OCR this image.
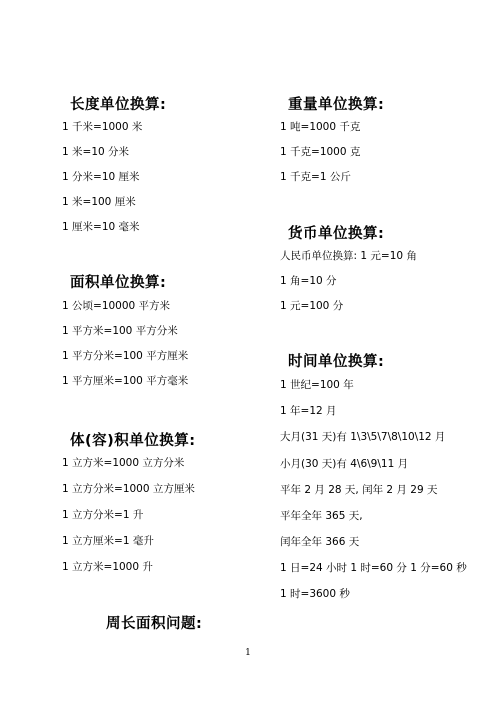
长度单位换算:
1 千米=1000 米
1 米=10 分米
1 分米=10 厘米
1 米=100 厘米
1 厘米=10 毫米
面积单位换算:
1 公顷=10000 平方米
1 平方米=100 平方分米
1 平方分米=100 平方厘米
1 平方厘米=100 平方毫米
体(容)积单位换算:
1 立方米=1000 立方分米
1 立方分米=1000 立方厘米
1 立方分米=1 升
1 立方厘米=1 毫升
1 立方米=1000 升
周长面积问题:
重量单位换算:
1 吨=1000 千克
1 千克=1000 克
1 千克=1 公斤
货币单位换算:
人民币单位换算: 1 元=10 角
1 角=10 分
1 元=100 分
时间单位换算:
1 世纪=100 年
1 年=12 月
大月(31 天)有 1\3\5\7\8\10\12 月
小月(30 天)有 4\6\9\11 月
平年 2 月 28 天, 闰年 2 月 29 天
平年全年 365 天,
闰年全年 366 天
1 日=24 小时 1 时=60 分 1 分=60 秒
1 时=3600 秒
1
